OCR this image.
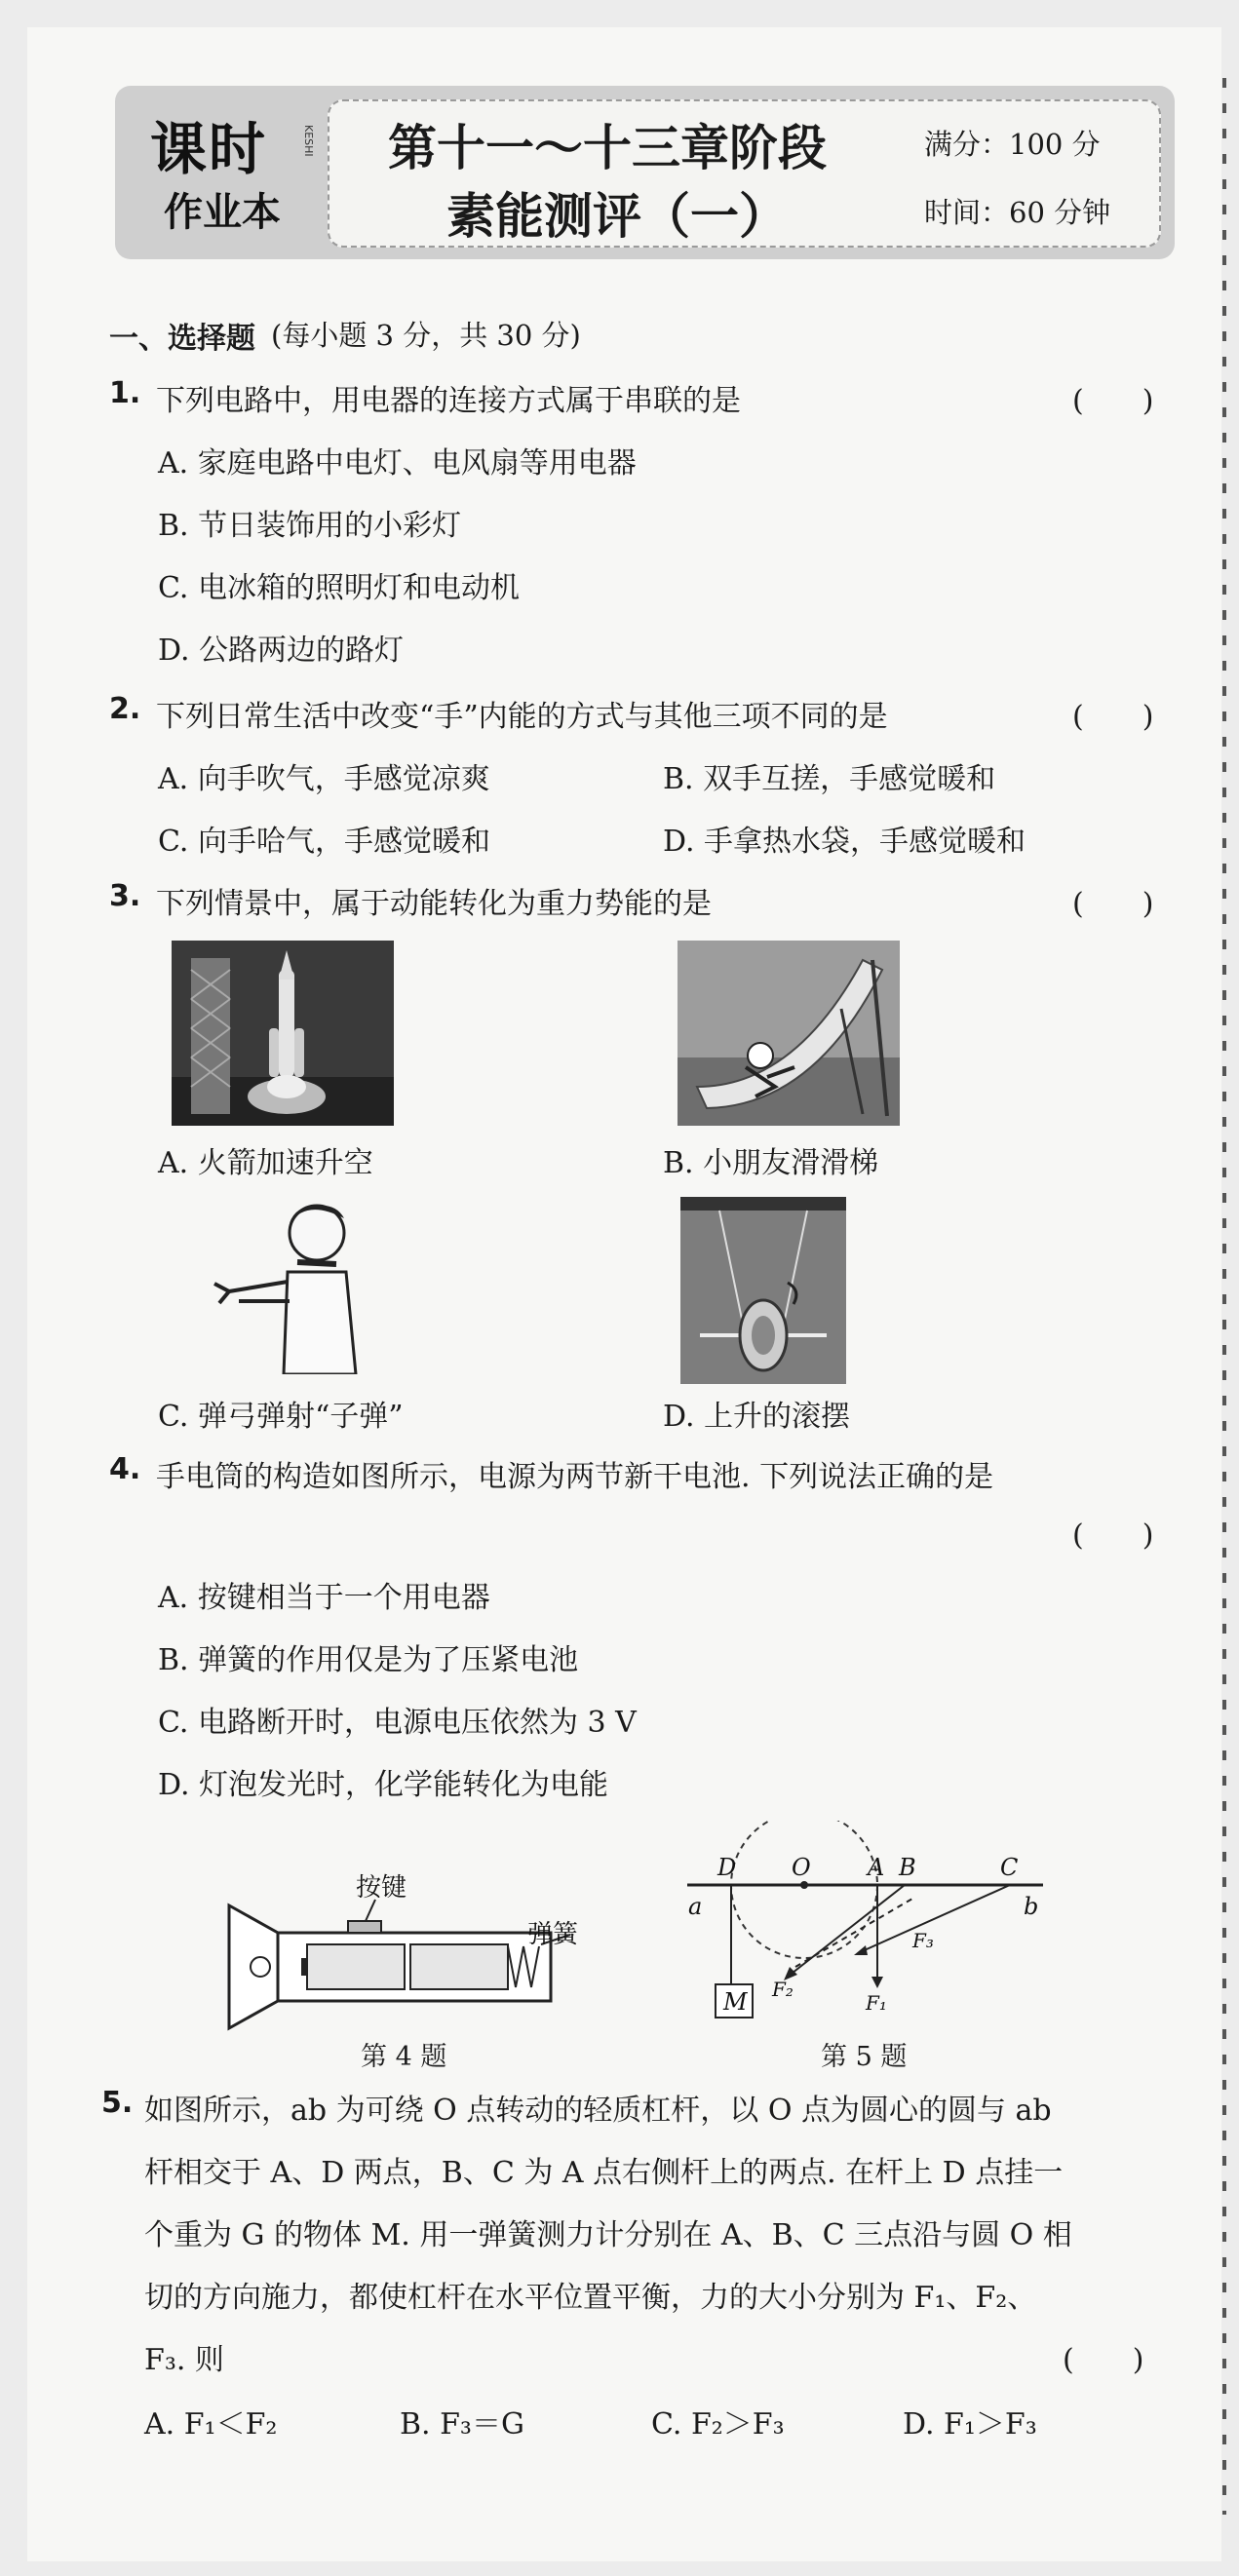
课时
作业本
KESHI 第十一～十三章阶段
素能测评（一）
满分：100 分
时间：60 分钟
一、选择题 (每小题 3 分，共 30 分)
1. 下列电路中，用电器的连接方式属于串联的是	(　　)
A. 家庭电路中电灯、电风扇等用电器
B. 节日装饰用的小彩灯
C. 电冰箱的照明灯和电动机
D. 公路两边的路灯
2. 下列日常生活中改变“手”内能的方式与其他三项不同的是	(　　)
A. 向手吹气，手感觉凉爽	B. 双手互搓，手感觉暖和
C. 向手哈气，手感觉暖和	D. 手拿热水袋，手感觉暖和
3. 下列情景中，属于动能转化为重力势能的是	(　　)
A. 火箭加速升空	B. 小朋友滑滑梯
C. 弹弓弹射“子弹”	D. 上升的滚摆
4. 手电筒的构造如图所示，电源为两节新干电池. 下列说法正确的是
(　　)
A. 按键相当于一个用电器
B. 弹簧的作用仅是为了压紧电池
C. 电路断开时，电源电压依然为 3 V
D. 灯泡发光时，化学能转化为电能
按键
弹簧
第 4 题
D O A B	C
a	b
M F₂
F₁
F₃
第 5 题
5. 如图所示，ab 为可绕 O 点转动的轻质杠杆，以 O 点为圆心的圆与 ab
杆相交于 A、D 两点，B、C 为 A 点右侧杆上的两点. 在杆上 D 点挂一
个重为 G 的物体 M. 用一弹簧测力计分别在 A、B、C 三点沿与圆 O 相
切的方向施力，都使杠杆在水平位置平衡，力的大小分别为 F₁、F₂、
F₃. 则	(　　)
A. F₁＜F₂	B. F₃＝G	C. F₂＞F₃	D. F₁＞F₃
